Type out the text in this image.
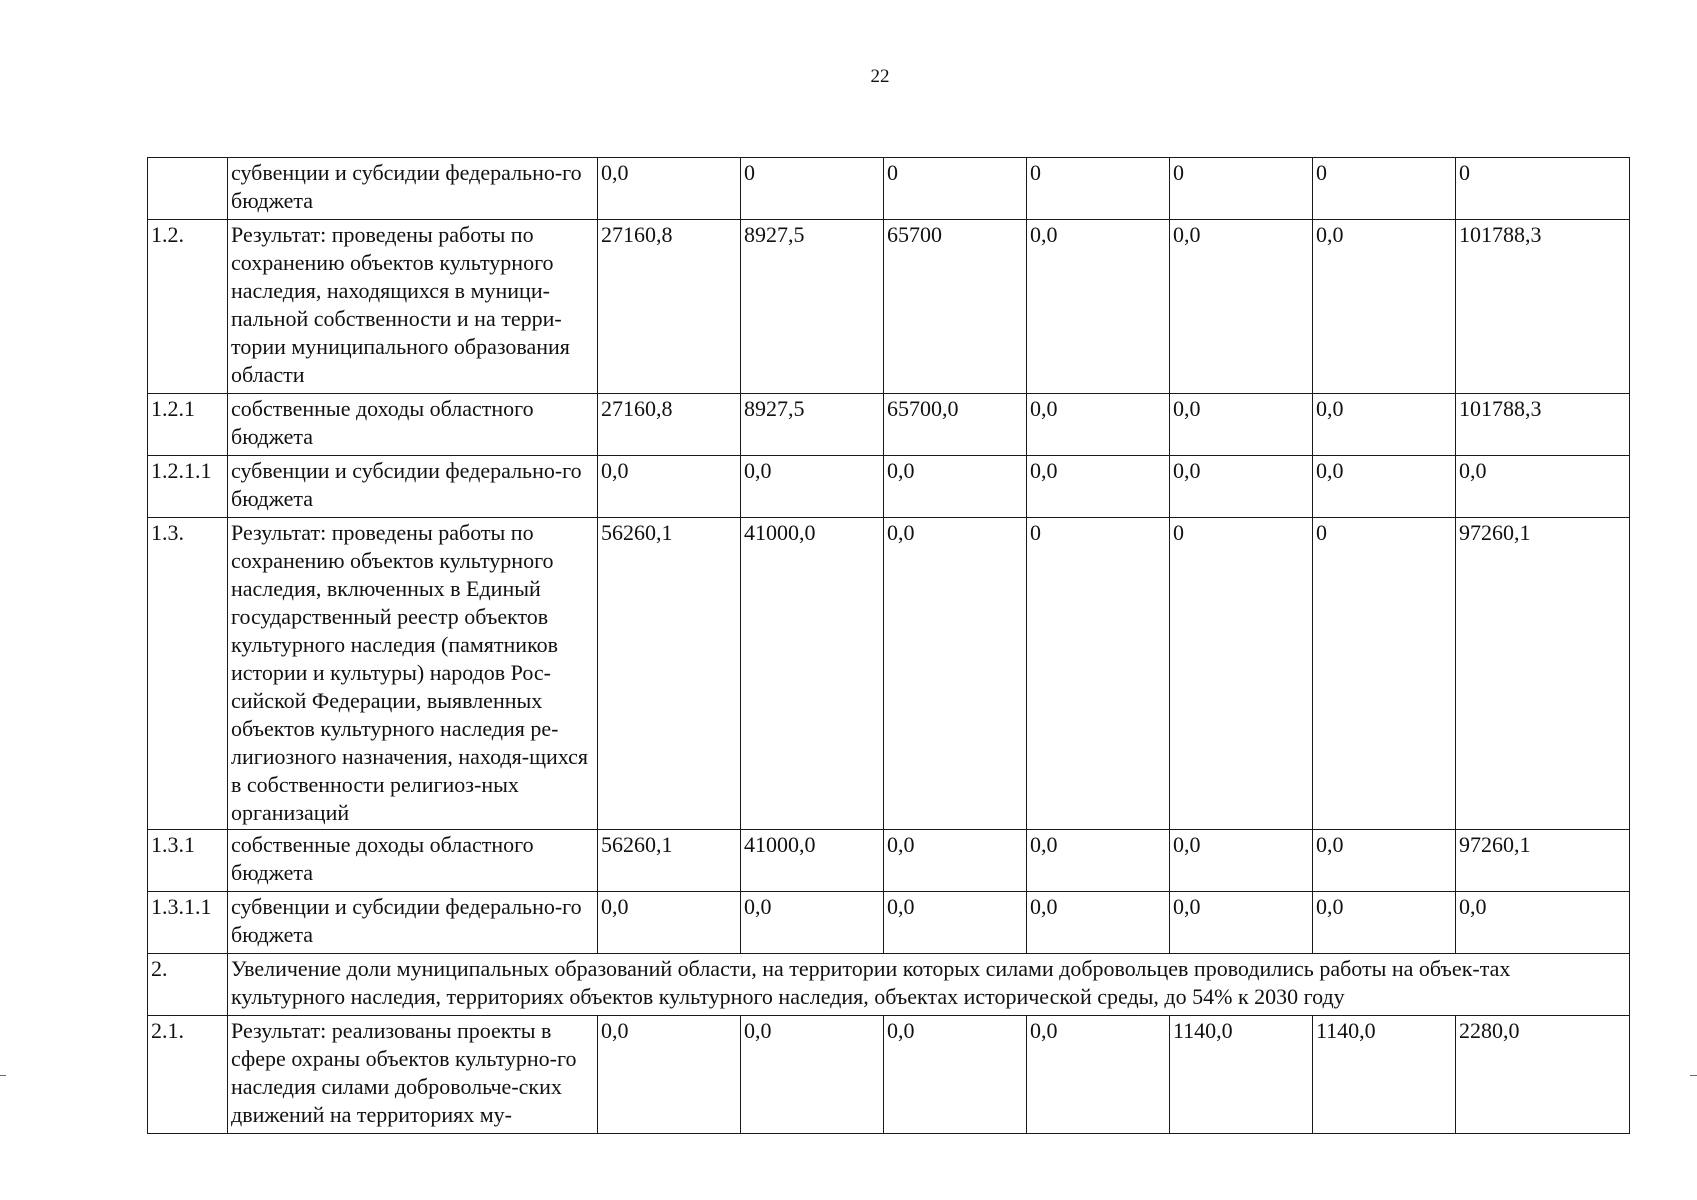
22
	субвенции и субсидии федерально-го бюджета	0,0	0	0	0	0	0	0
1.2.	Результат: проведены работы по сохранению объектов культурного наследия, находящихся в муници-пальной собственности и на терри-тории муниципального образования области	27160,8	8927,5	65700	0,0	0,0	0,0	101788,3
1.2.1	собственные доходы областного бюджета	27160,8	8927,5	65700,0	0,0	0,0	0,0	101788,3
1.2.1.1	субвенции и субсидии федерально-го бюджета	0,0	0,0	0,0	0,0	0,0	0,0	0,0
1.3.	Результат: проведены работы по сохранению объектов культурного наследия, включенных в Единый государственный реестр объектов культурного наследия (памятников истории и культуры) народов Рос-сийской Федерации, выявленных объектов культурного наследия ре-лигиозного назначения, находя-щихся в собственности религиоз-ных организаций	56260,1	41000,0	0,0	0	0	0	97260,1
1.3.1	собственные доходы областного бюджета	56260,1	41000,0	0,0	0,0	0,0	0,0	97260,1
1.3.1.1	субвенции и субсидии федерально-го бюджета	0,0	0,0	0,0	0,0	0,0	0,0	0,0
2.	Увеличение доли муниципальных образований области, на территории которых силами добровольцев проводились работы на объек-тах культурного наследия, территориях объектов культурного наследия, объектах исторической среды, до 54% к 2030 году							
2.1.	Результат: реализованы проекты в сфере охраны объектов культурно-го наследия силами добровольче-ских движений на территориях му-	0,0	0,0	0,0	0,0	1140,0	1140,0	2280,0
